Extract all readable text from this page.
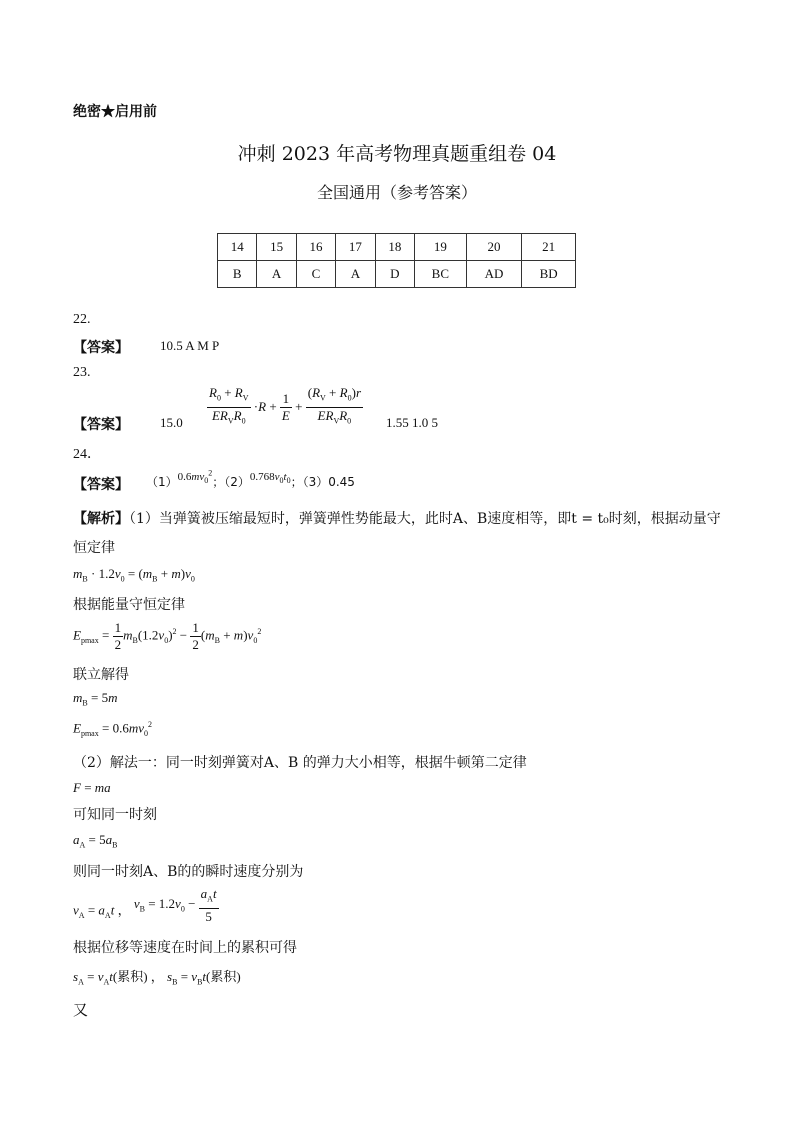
绝密★启用前
冲刺 2023 年高考物理真题重组卷 04
全国通用（参考答案）
14	15	16	17	18	19	20	21
B	A	C	A	D	BC	AD	BD
22.
【答案】 10.5 A M P
23.
【答案】 $15.0 \frac{R_0 + R_V}{ER_VR_0} \cdot R + \frac{1}{E} + \frac{(R_V + R_0)r}{ER_VR_0} 1.55$ 1.0 5
24．
【答案】 $(1)^{0.6mv_0^2}$；$(2)^{0.768v_0t_0}$；（3）0.45
【解析】（1）当弹簧被压缩最短时，弹簧弹性势能最大，此时A、B速度相等，即t = t₀时刻，根据动量守
恒定律
$m_B \cdot 1.2v_0 = (m_B + m)v_0$
根据能量守恒定律
$E_{pmax} = \frac{1}{2} m_B(1.2v_0)^2 - \frac{1}{2} (m_B + m)v_0^2$
联立解得
$m_B = 5m$
$E_{pmax} = 0.6mv_0^2$
（2）解法一：同一时刻弹簧对A、B 的弹力大小相等，根据牛顿第二定律
F = ma
可知同一时刻
$a_A = 5a_B$
则同一时刻A、B的的瞬时速度分别为
$v_A = a_At$ ， $v_B = 1.2v_0 - \frac{a_At}{5}$
根据位移等速度在时间上的累积可得
$s_A = v_At$(累积) ， $s_B = v_Bt$(累积)
又
